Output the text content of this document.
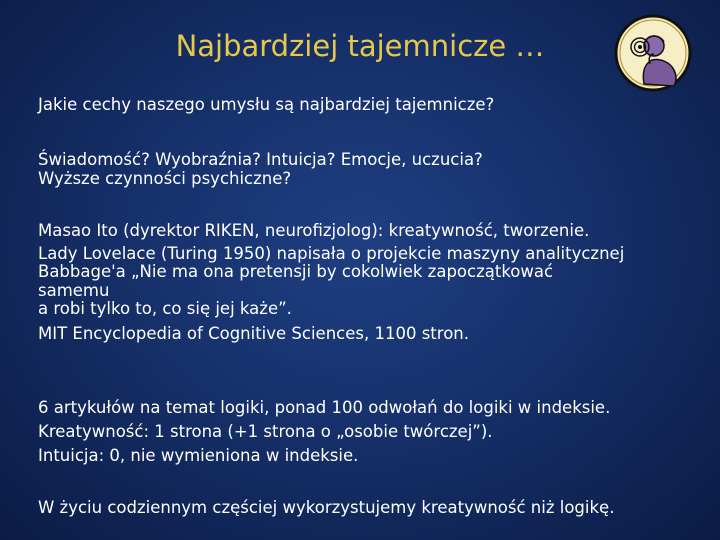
Najbardziej tajemnicze …
Jakie cechy naszego umysłu są najbardziej tajemnicze?
Świadomość? Wyobraźnia? Intuicja? Emocje, uczucia?
Wyższe czynności psychiczne?
Masao Ito (dyrektor RIKEN, neurofizjolog): kreatywność, tworzenie.
Lady Lovelace (Turing 1950) napisała o projekcie maszyny analitycznej
Babbage'a „Nie ma ona pretensji by cokolwiek zapoczątkować
samemu
a robi tylko to, co się jej każe”.
MIT Encyclopedia of Cognitive Sciences, 1100 stron.
6 artykułów na temat logiki, ponad 100 odwołań do logiki w indeksie.
Kreatywność: 1 strona (+1 strona o „osobie twórczej”).
Intuicja: 0, nie wymieniona w indeksie.
W życiu codziennym częściej wykorzystujemy kreatywność niż logikę.
